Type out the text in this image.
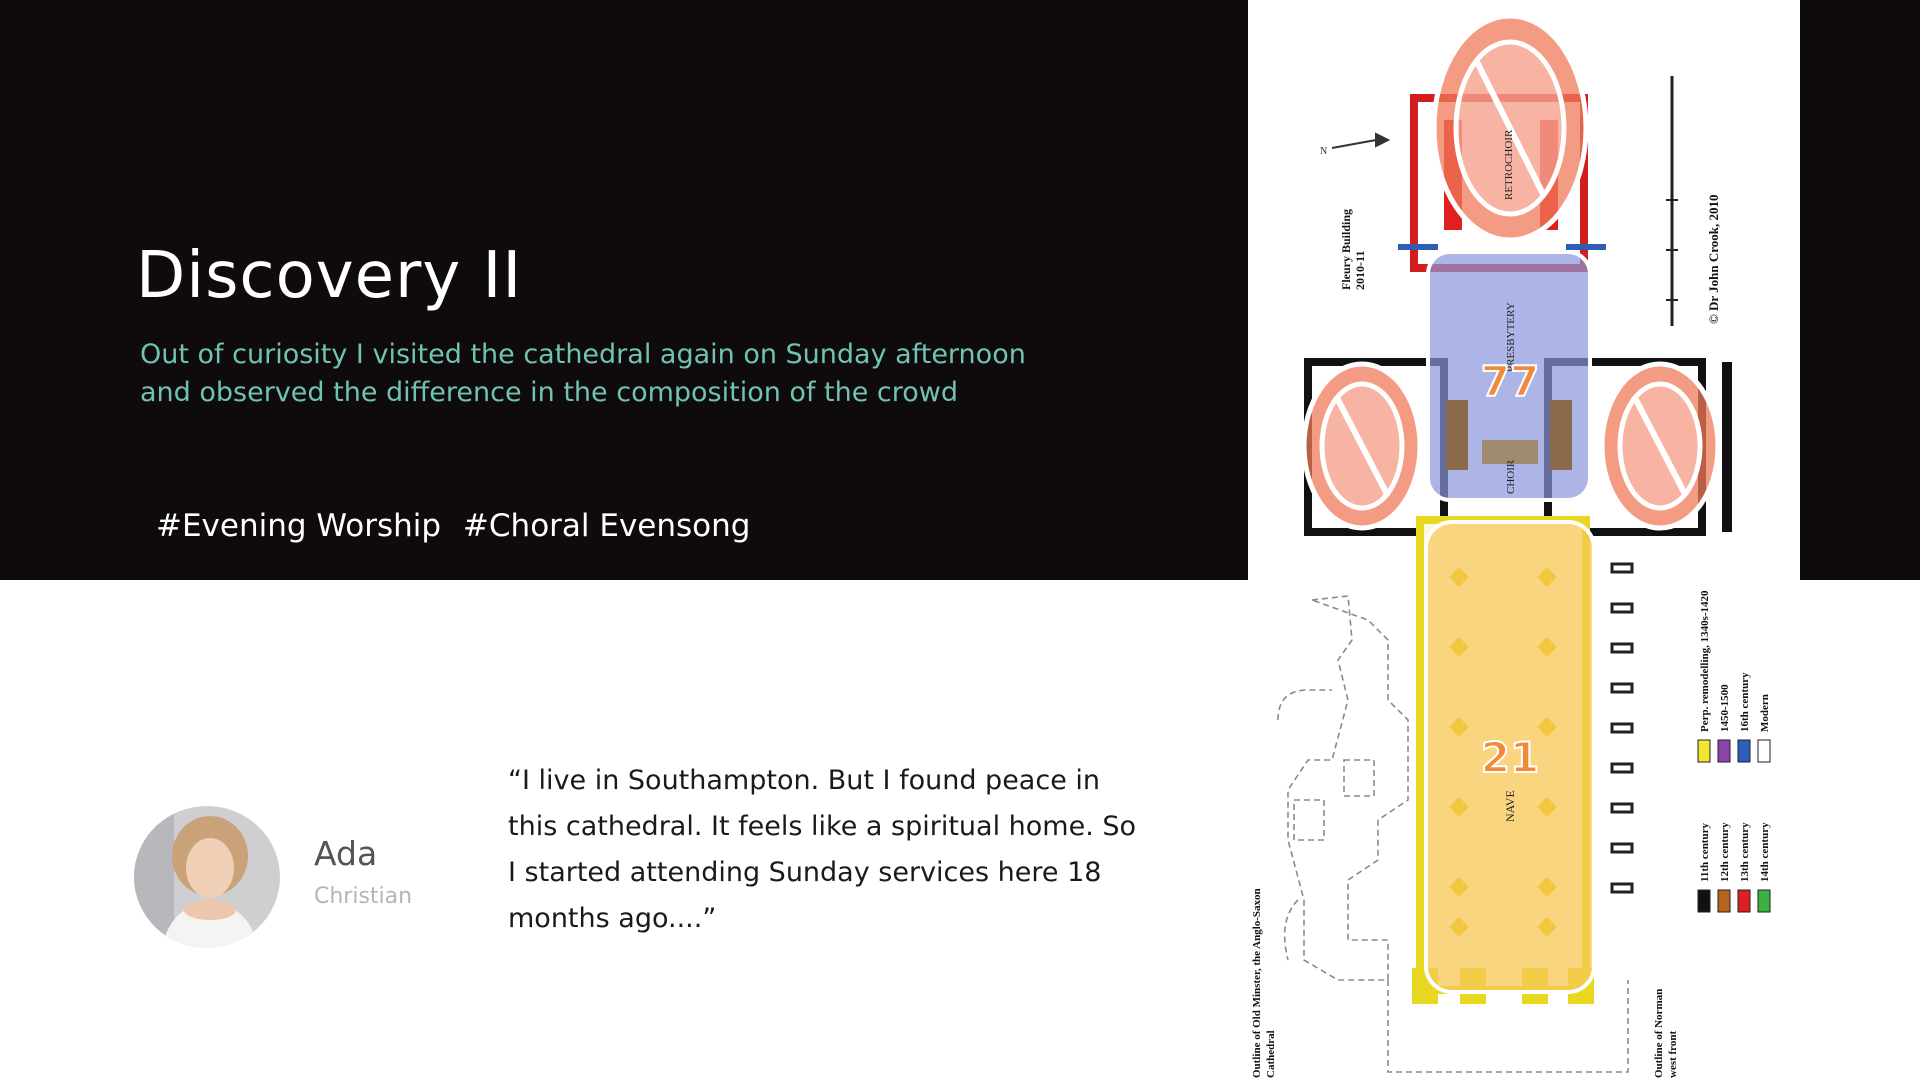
Discovery II

Out of curiosity I visited the cathedral again on Sunday afternoon and observed the difference in the composition of the crowd

#Evening Worship #Choral Evensong
Ada
Christian

“I live in Southampton. But I found peace in this cathedral. It feels like a spiritual home. So I started attending Sunday services here 18 months ago....”

N	RETROCHOIR
PRESBYTERY
CHOIR
NAVE
77
21
Fleury Building 2010-11	© Dr John Crook, 2010
Outline of Old Minster, the Anglo-Saxon Cathedral	Outline of Norman west front
Perp. remodelling, 1340s-1420 1450-1500 16th century Modern
11th century 12th century 13th century 14th century
